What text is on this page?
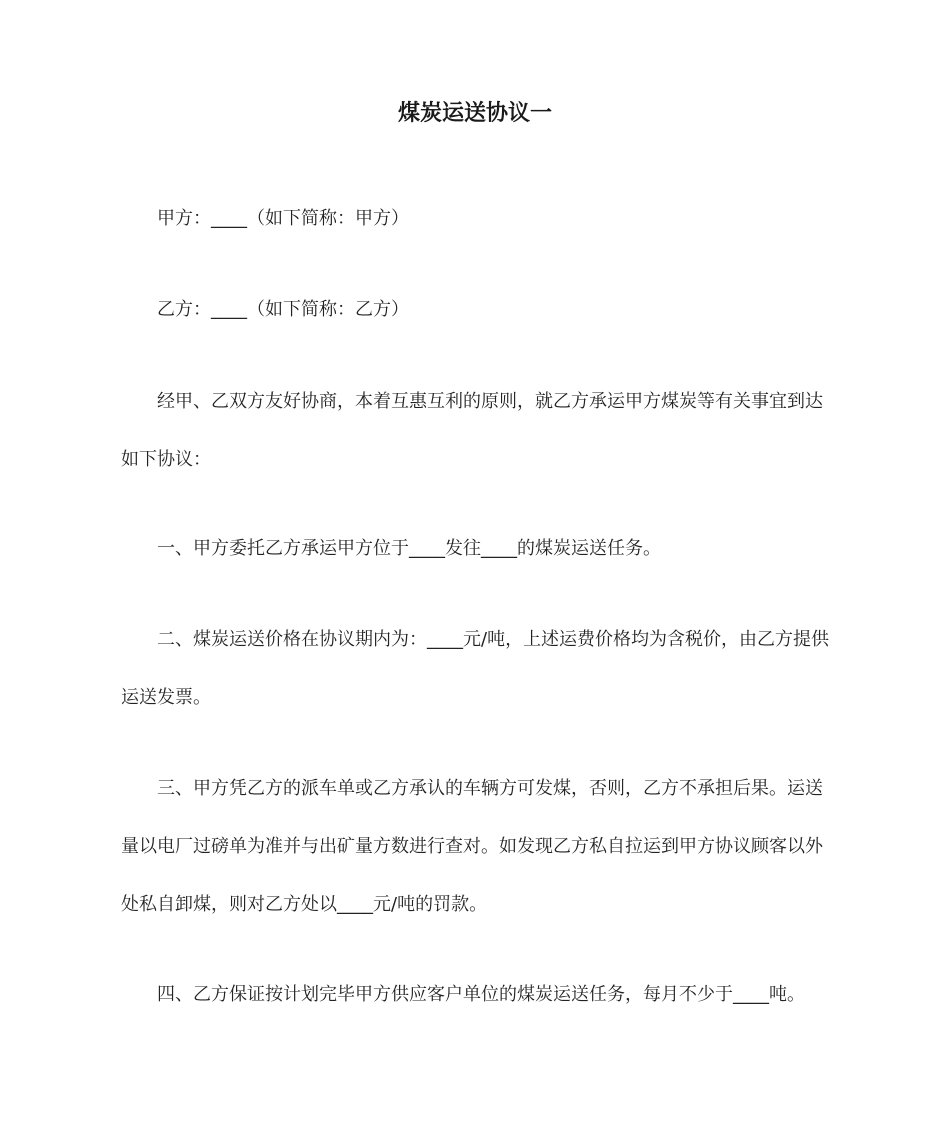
煤炭运送协议一
甲方：____（如下简称：甲方）
乙方：____（如下简称：乙方）
经甲、乙双方友好协商，本着互惠互利的原则，就乙方承运甲方煤炭等有关事宜到达如下协议：
一、甲方委托乙方承运甲方位于____发往____的煤炭运送任务。
二、煤炭运送价格在协议期内为：____元/吨，上述运费价格均为含税价，由乙方提供运送发票。
三、甲方凭乙方的派车单或乙方承认的车辆方可发煤，否则，乙方不承担后果。运送量以电厂过磅单为准并与出矿量方数进行查对。如发现乙方私自拉运到甲方协议顾客以外处私自卸煤，则对乙方处以____元/吨的罚款。
四、乙方保证按计划完毕甲方供应客户单位的煤炭运送任务，每月不少于____吨。
